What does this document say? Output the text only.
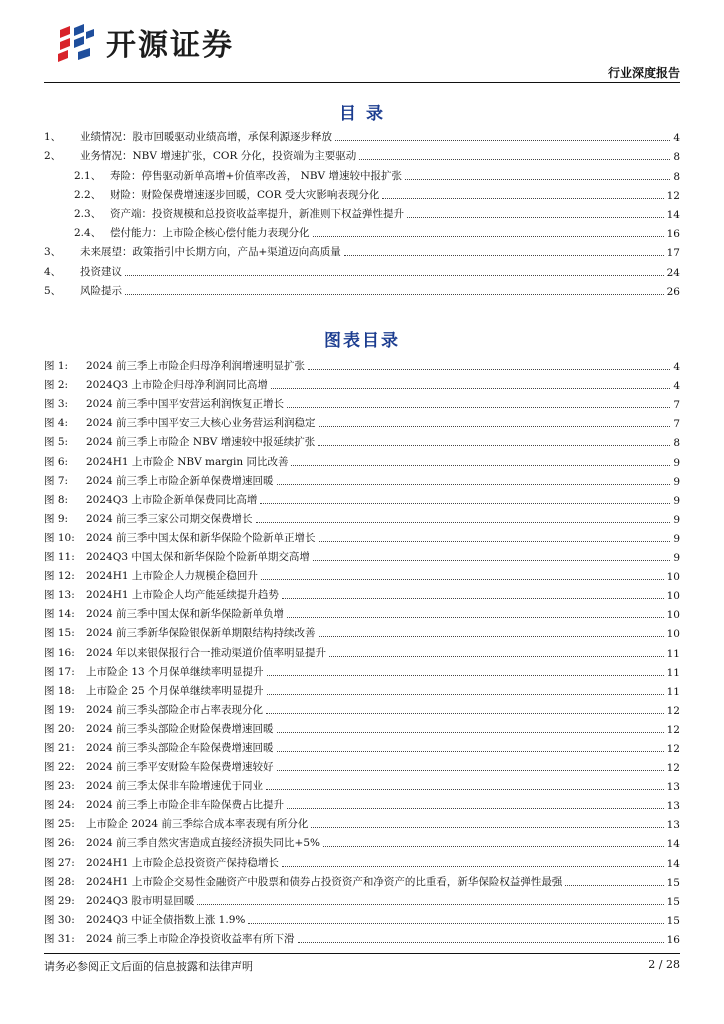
开源证券
行业深度报告
目 录
1、	业绩情况：股市回暖驱动业绩高增，承保利源逐步释放	4
2、	业务情况：NBV 增速扩张，COR 分化，投资端为主要驱动	8
2.1、 寿险：停售驱动新单高增+价值率改善， NBV 增速较中报扩张	8
2.2、 财险：财险保费增速逐步回暖，COR 受大灾影响表现分化	12
2.3、 资产端：投资规模和总投资收益率提升，新准则下权益弹性提升	14
2.4、 偿付能力：上市险企核心偿付能力表现分化	16
3、	未来展望：政策指引中长期方向，产品+渠道迈向高质量	17
4、	投资建议	24
5、	风险提示	26
图表目录
图 1:	2024 前三季上市险企归母净利润增速明显扩张	4
图 2:	2024Q3 上市险企归母净利润同比高增	4
图 3:	2024 前三季中国平安营运利润恢复正增长	7
图 4:	2024 前三季中国平安三大核心业务营运利润稳定	7
图 5:	2024 前三季上市险企 NBV 增速较中报延续扩张	8
图 6:	2024H1 上市险企 NBV margin 同比改善	9
图 7:	2024 前三季上市险企新单保费增速回暖	9
图 8:	2024Q3 上市险企新单保费同比高增	9
图 9:	2024 前三季三家公司期交保费增长	9
图 10:	2024 前三季中国太保和新华保险个险新单正增长	9
图 11:	2024Q3 中国太保和新华保险个险新单期交高增	9
图 12:	2024H1 上市险企人力规模企稳回升	10
图 13:	2024H1 上市险企人均产能延续提升趋势	10
图 14:	2024 前三季中国太保和新华保险新单负增	10
图 15:	2024 前三季新华保险银保新单期限结构持续改善	10
图 16:	2024 年以来银保报行合一推动渠道价值率明显提升	11
图 17:	上市险企 13 个月保单继续率明显提升	11
图 18:	上市险企 25 个月保单继续率明显提升	11
图 19:	2024 前三季头部险企市占率表现分化	12
图 20:	2024 前三季头部险企财险保费增速回暖	12
图 21:	2024 前三季头部险企车险保费增速回暖	12
图 22:	2024 前三季平安财险车险保费增速较好	12
图 23:	2024 前三季太保非车险增速优于同业	13
图 24:	2024 前三季上市险企非车险保费占比提升	13
图 25:	上市险企 2024 前三季综合成本率表现有所分化	13
图 26:	2024 前三季自然灾害造成直接经济损失同比+5%	14
图 27:	2024H1 上市险企总投资资产保持稳增长	14
图 28:	2024H1 上市险企交易性金融资产中股票和债券占投资资产和净资产的比重看，新华保险权益弹性最强	15
图 29:	2024Q3 股市明显回暖	15
图 30:	2024Q3 中证全债指数上涨 1.9%	15
图 31:	2024 前三季上市险企净投资收益率有所下滑	16
请务必参阅正文后面的信息披露和法律声明	2 / 28
